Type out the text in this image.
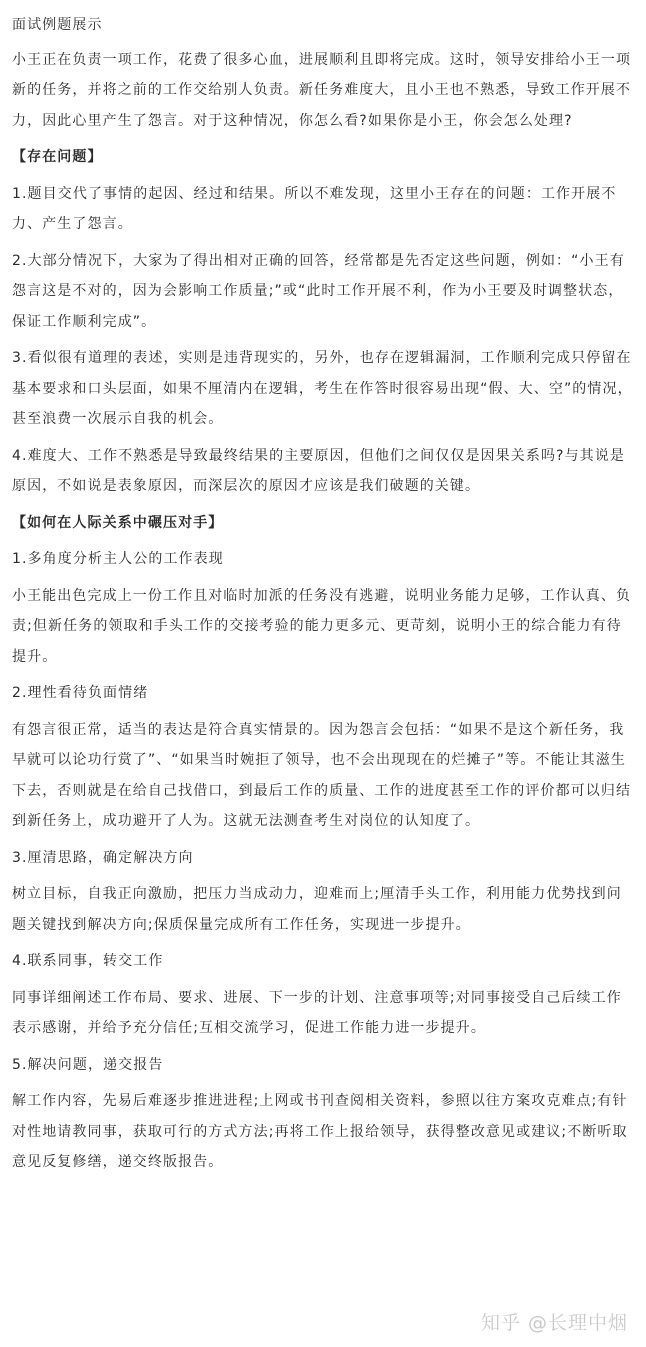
面试例题展示

小王正在负责一项工作，花费了很多心血，进展顺利且即将完成。这时，领导安排给小王一项新的任务，并将之前的工作交给别人负责。新任务难度大，且小王也不熟悉，导致工作开展不力，因此心里产生了怨言。对于这种情况，你怎么看?如果你是小王，你会怎么处理?

【存在问题】

1.题目交代了事情的起因、经过和结果。所以不难发现，这里小王存在的问题：工作开展不力、产生了怨言。

2.大部分情况下，大家为了得出相对正确的回答，经常都是先否定这些问题，例如：“小王有怨言这是不对的，因为会影响工作质量;”或“此时工作开展不利，作为小王要及时调整状态，保证工作顺利完成”。

3.看似很有道理的表述，实则是违背现实的，另外，也存在逻辑漏洞，工作顺利完成只停留在基本要求和口头层面，如果不厘清内在逻辑，考生在作答时很容易出现“假、大、空”的情况，甚至浪费一次展示自我的机会。

4.难度大、工作不熟悉是导致最终结果的主要原因，但他们之间仅仅是因果关系吗?与其说是原因，不如说是表象原因，而深层次的原因才应该是我们破题的关键。

【如何在人际关系中碾压对手】

1.多角度分析主人公的工作表现

小王能出色完成上一份工作且对临时加派的任务没有逃避，说明业务能力足够，工作认真、负责;但新任务的领取和手头工作的交接考验的能力更多元、更苛刻，说明小王的综合能力有待提升。

2.理性看待负面情绪

有怨言很正常，适当的表达是符合真实情景的。因为怨言会包括：“如果不是这个新任务，我早就可以论功行赏了”、“如果当时婉拒了领导，也不会出现现在的烂摊子”等。不能让其滋生下去，否则就是在给自己找借口，到最后工作的质量、工作的进度甚至工作的评价都可以归结到新任务上，成功避开了人为。这就无法测查考生对岗位的认知度了。

3.厘清思路，确定解决方向

树立目标，自我正向激励，把压力当成动力，迎难而上;厘清手头工作，利用能力优势找到问题关键找到解决方向;保质保量完成所有工作任务，实现进一步提升。

4.联系同事，转交工作

同事详细阐述工作布局、要求、进展、下一步的计划、注意事项等;对同事接受自己后续工作表示感谢，并给予充分信任;互相交流学习，促进工作能力进一步提升。

5.解决问题，递交报告

解工作内容，先易后难逐步推进进程;上网或书刊查阅相关资料，参照以往方案攻克难点;有针对性地请教同事，获取可行的方式方法;再将工作上报给领导，获得整改意见或建议;不断听取意见反复修缮，递交终版报告。

知乎 @长理中烟
